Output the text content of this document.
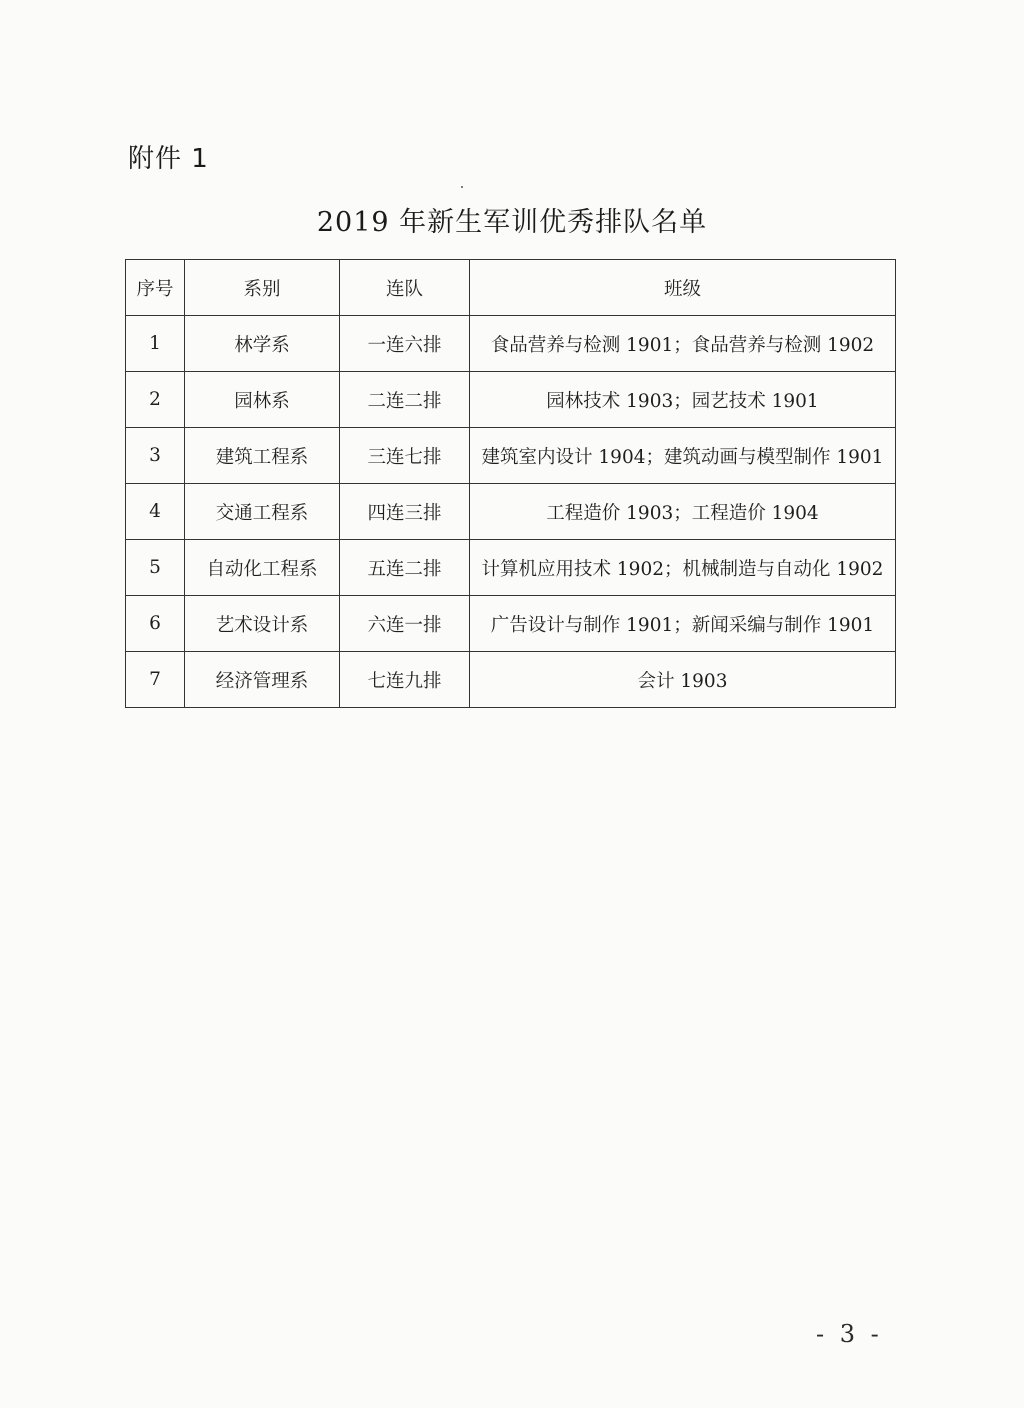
附件 1
2019 年新生军训优秀排队名单
序号	系别	连队	班级
1	林学系	一连六排	食品营养与检测 1901；食品营养与检测 1902
2	园林系	二连二排	园林技术 1903；园艺技术 1901
3	建筑工程系	三连七排	建筑室内设计 1904；建筑动画与模型制作 1901
4	交通工程系	四连三排	工程造价 1903；工程造价 1904
5	自动化工程系	五连二排	计算机应用技术 1902；机械制造与自动化 1902
6	艺术设计系	六连一排	广告设计与制作 1901；新闻采编与制作 1901
7	经济管理系	七连九排	会计 1903
- 3 -
